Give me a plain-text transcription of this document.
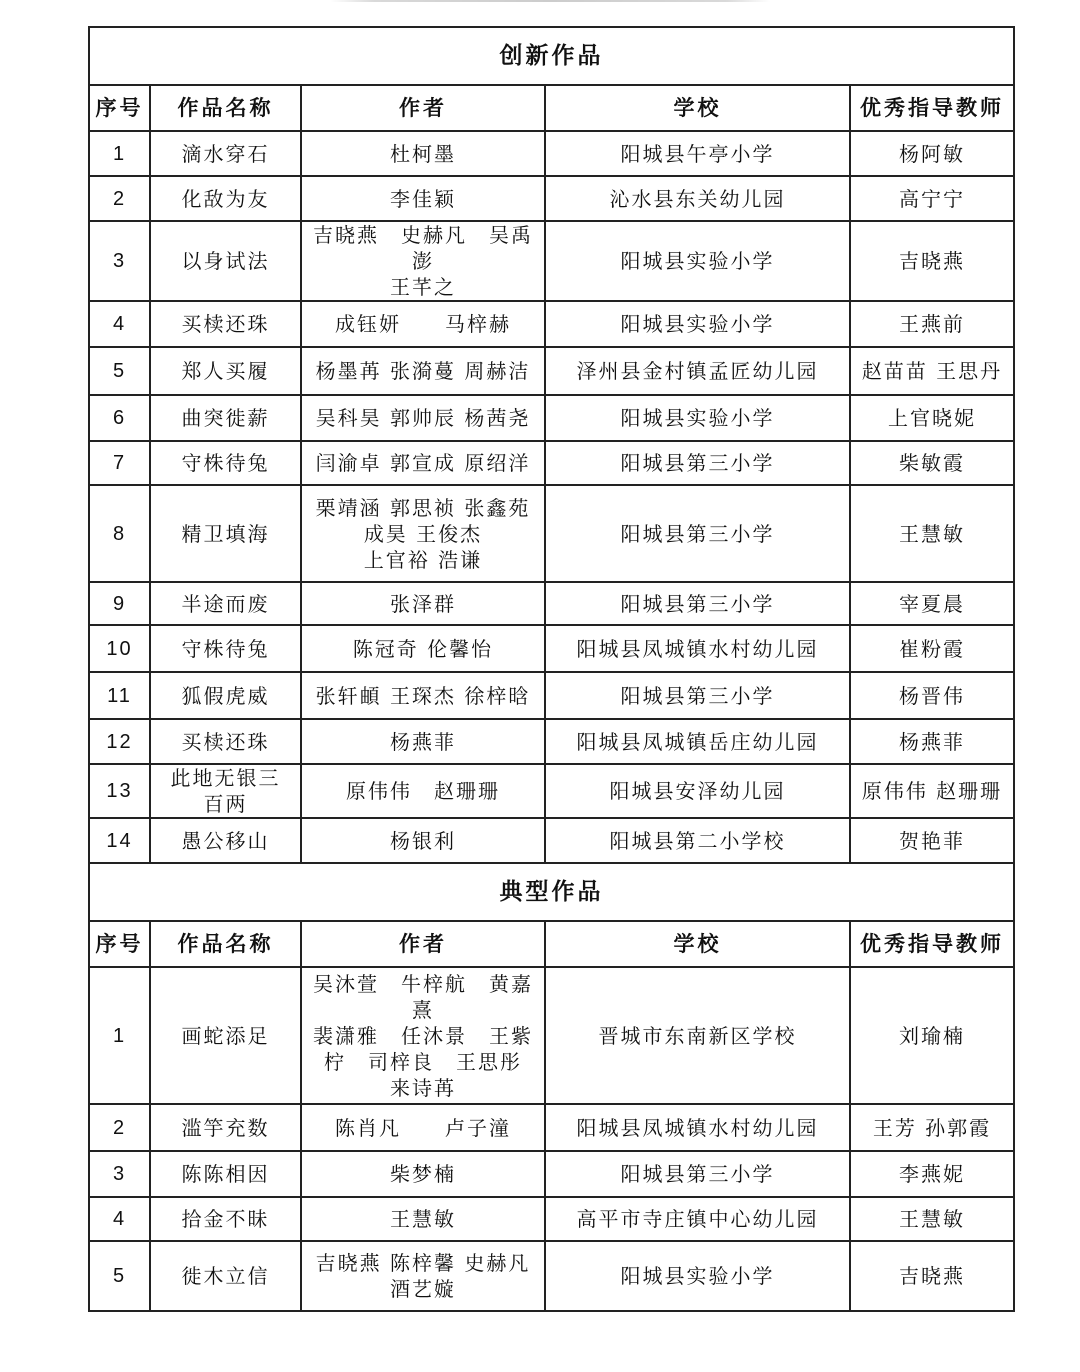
创新作品				
序号	作品名称	作者	学校	优秀指导教师
1	滴水穿石	杜柯墨	阳城县午亭小学	杨阿敏
2	化敌为友	李佳颖	沁水县东关幼儿园	高宁宁
3	以身试法	吉晓燕　史赫凡　吴禹澎
王芊之	阳城县实验小学	吉晓燕
4	买椟还珠	成钰妍　　马梓赫	阳城县实验小学	王燕前
5	郑人买履	杨墨苒 张漪蔓 周赫洁	泽州县金村镇孟匠幼儿园	赵苗苗 王思丹
6	曲突徙薪	吴科昊 郭帅辰 杨茜尧	阳城县实验小学	上官晓妮
7	守株待兔	闫渝卓 郭宣成 原绍洋	阳城县第三小学	柴敏霞
8	精卫填海	栗靖涵 郭思祯 张鑫苑
成昊 王俊杰
上官裕 浩谦	阳城县第三小学	王慧敏
9	半途而废	张泽群	阳城县第三小学	宰夏晨
10	守株待兔	陈冠奇 伦馨怡	阳城县凤城镇水村幼儿园	崔粉霞
11	狐假虎威	张轩頔 王琛杰 徐梓晗	阳城县第三小学	杨晋伟
12	买椟还珠	杨燕菲	阳城县凤城镇岳庄幼儿园	杨燕菲
13	此地无银三百两	原伟伟　赵珊珊	阳城县安泽幼儿园	原伟伟 赵珊珊
14	愚公移山	杨银利	阳城县第二小学校	贺艳菲
典型作品				
序号	作品名称	作者	学校	优秀指导教师
1	画蛇添足	吴沐萱　牛梓航　黄嘉熹
裴潇雅　任沐景　王紫
柠　司梓良　王思彤
来诗苒	晋城市东南新区学校	刘瑜楠
2	滥竽充数	陈肖凡　　卢子潼	阳城县凤城镇水村幼儿园	王芳 孙郭霞
3	陈陈相因	柴梦楠	阳城县第三小学	李燕妮
4	拾金不昧	王慧敏	高平市寺庄镇中心幼儿园	王慧敏
5	徙木立信	吉晓燕 陈梓馨 史赫凡
酒艺嫙	阳城县实验小学	吉晓燕
